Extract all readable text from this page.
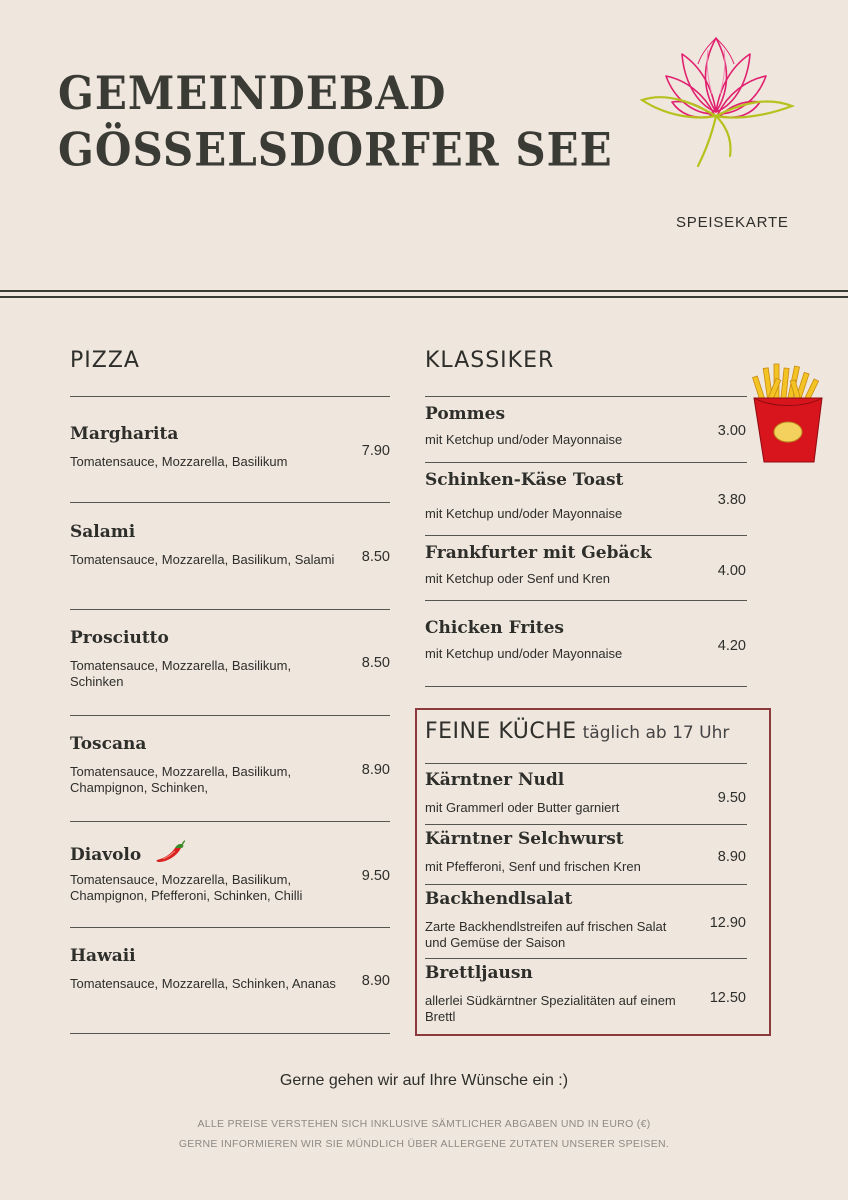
GEMEINDEBAD
GÖSSELSDORFER SEE
SPEISEKARTE
PIZZA
Margharita
Tomatensauce, Mozzarella, Basilikum
7.90
Salami
Tomatensauce, Mozzarella, Basilikum, Salami	8.50
Prosciutto
Tomatensauce, Mozzarella, Basilikum, Schinken
8.50
Toscana
Tomatensauce, Mozzarella, Basilikum, Champignon, Schinken,
8.90
Diavolo
Tomatensauce, Mozzarella, Basilikum, Champignon, Pfefferoni, Schinken, Chilli
9.50
Hawaii
Tomatensauce, Mozzarella, Schinken, Ananas	8.90
KLASSIKER
Pommes
mit Ketchup und/oder Mayonnaise
3.00
Schinken-Käse Toast
mit Ketchup und/oder Mayonnaise
3.80
Frankfurter mit Gebäck
mit Ketchup oder Senf und Kren	4.00
Chicken Frites
mit Ketchup und/oder Mayonnaise	4.20
FEINE KÜCHE täglich ab 17 Uhr
Kärntner Nudl
mit Grammerl oder Butter garniert
9.50
Kärntner Selchwurst
mit Pfefferoni, Senf und frischen Kren
8.90
Backhendlsalat
Zarte Backhendlstreifen auf frischen Salat und Gemüse der Saison
12.90
Brettljausn
allerlei Südkärntner Spezialitäten auf einem Brettl
12.50
Gerne gehen wir auf Ihre Wünsche ein :)
ALLE PREISE VERSTEHEN SICH INKLUSIVE SÄMTLICHER ABGABEN UND IN EURO (€)
GERNE INFORMIEREN WIR SIE MÜNDLICH ÜBER ALLERGENE ZUTATEN UNSERER SPEISEN.
